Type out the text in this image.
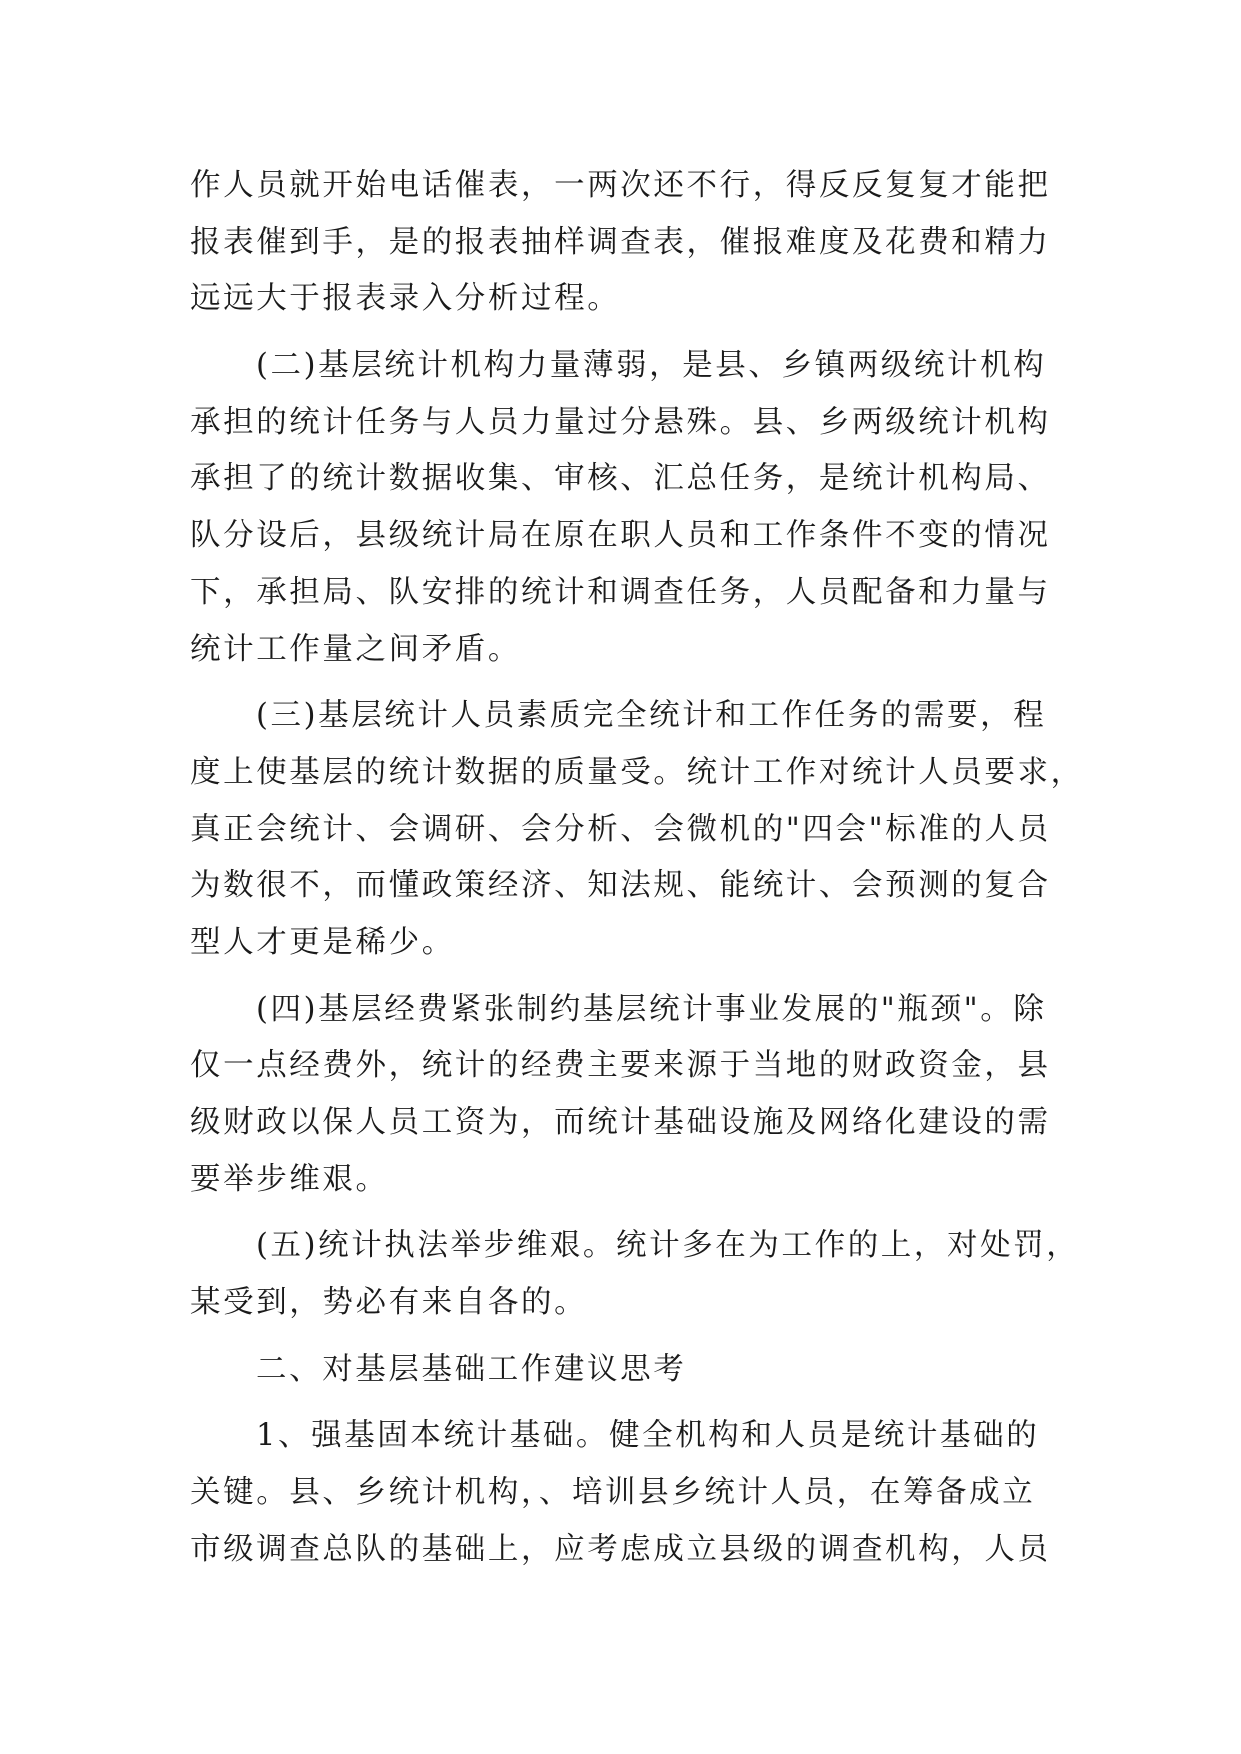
作人员就开始电话催表，一两次还不行，得反反复复才能把
报表催到手，是的报表抽样调查表，催报难度及花费和精力
远远大于报表录入分析过程。
(二)基层统计机构力量薄弱，是县、乡镇两级统计机构
承担的统计任务与人员力量过分悬殊。县、乡两级统计机构
承担了的统计数据收集、审核、汇总任务，是统计机构局、
队分设后，县级统计局在原在职人员和工作条件不变的情况
下，承担局、队安排的统计和调查任务，人员配备和力量与
统计工作量之间矛盾。
(三)基层统计人员素质完全统计和工作任务的需要，程
度上使基层的统计数据的质量受。统计工作对统计人员要求，
真正会统计、会调研、会分析、会微机的"四会"标准的人员
为数很不，而懂政策经济、知法规、能统计、会预测的复合
型人才更是稀少。
(四)基层经费紧张制约基层统计事业发展的"瓶颈"。除
仅一点经费外，统计的经费主要来源于当地的财政资金，县
级财政以保人员工资为，而统计基础设施及网络化建设的需
要举步维艰。
(五)统计执法举步维艰。统计多在为工作的上，对处罚，
某受到，势必有来自各的。
二、对基层基础工作建议思考
1、强基固本统计基础。健全机构和人员是统计基础的
关键。县、乡统计机构，、培训县乡统计人员，在筹备成立
市级调查总队的基础上，应考虑成立县级的调查机构，人员
